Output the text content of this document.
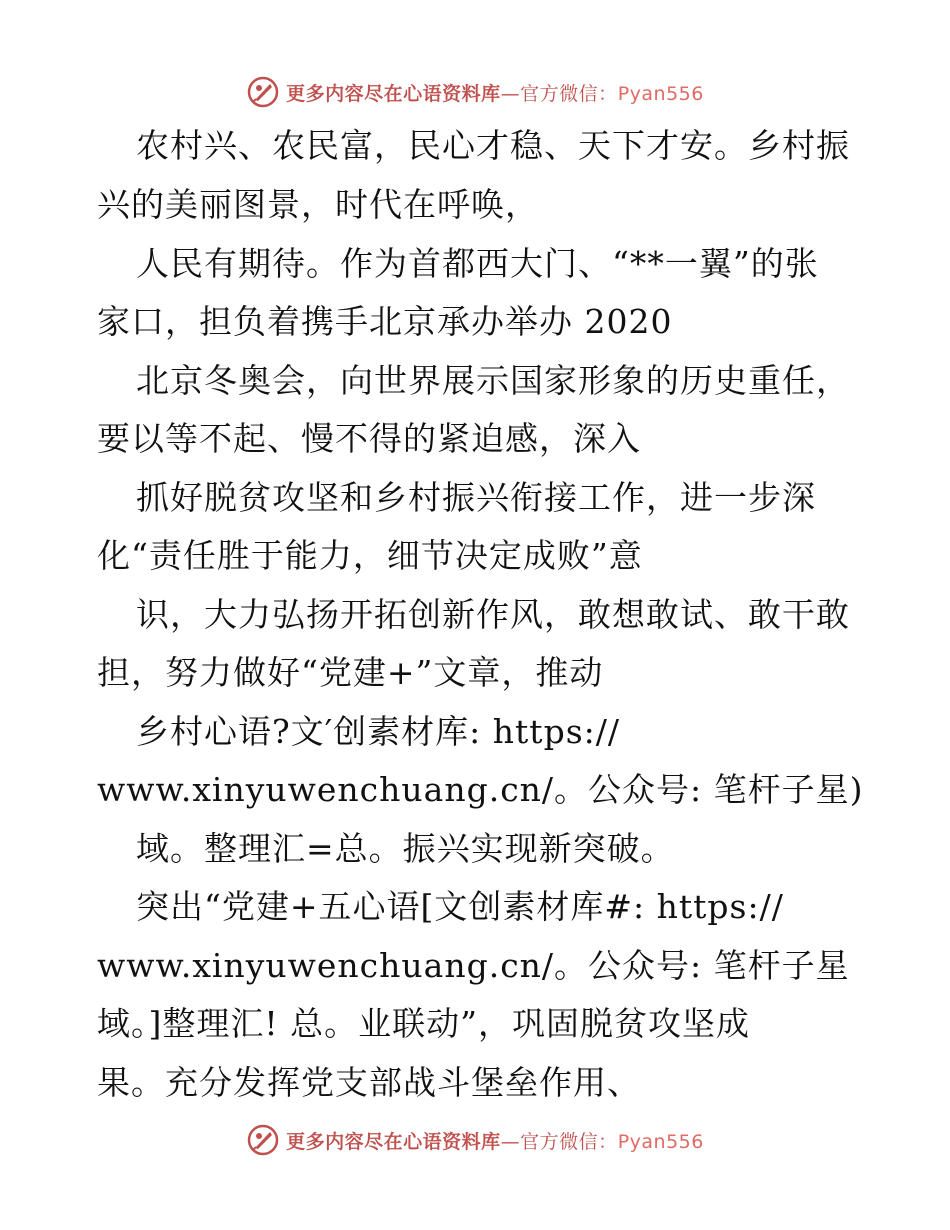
更多内容尽在心语资料库—官方微信：Pyan556
农村兴、农民富，民心才稳、天下才安。乡村振
兴的美丽图景，时代在呼唤，
人民有期待。作为首都西大门、“**一翼”的张
家口，担负着携手北京承办举办 2020
北京冬奥会，向世界展示国家形象的历史重任，
要以等不起、慢不得的紧迫感，深入
抓好脱贫攻坚和乡村振兴衔接工作，进一步深
化“责任胜于能力，细节决定成败”意
识，大力弘扬开拓创新作风，敢想敢试、敢干敢
担，努力做好“党建+”文章，推动
乡村心语?文′创素材库: https://
www.xinyuwenchuang.cn/。公众号: 笔杆子星)
域。整理汇=总。振兴实现新突破。
突出“党建+五心语[文创素材库#: https://
www.xinyuwenchuang.cn/。公众号: 笔杆子星
域。]整理汇! 总。业联动”，巩固脱贫攻坚成
果。充分发挥党支部战斗堡垒作用、
更多内容尽在心语资料库—官方微信：Pyan556
